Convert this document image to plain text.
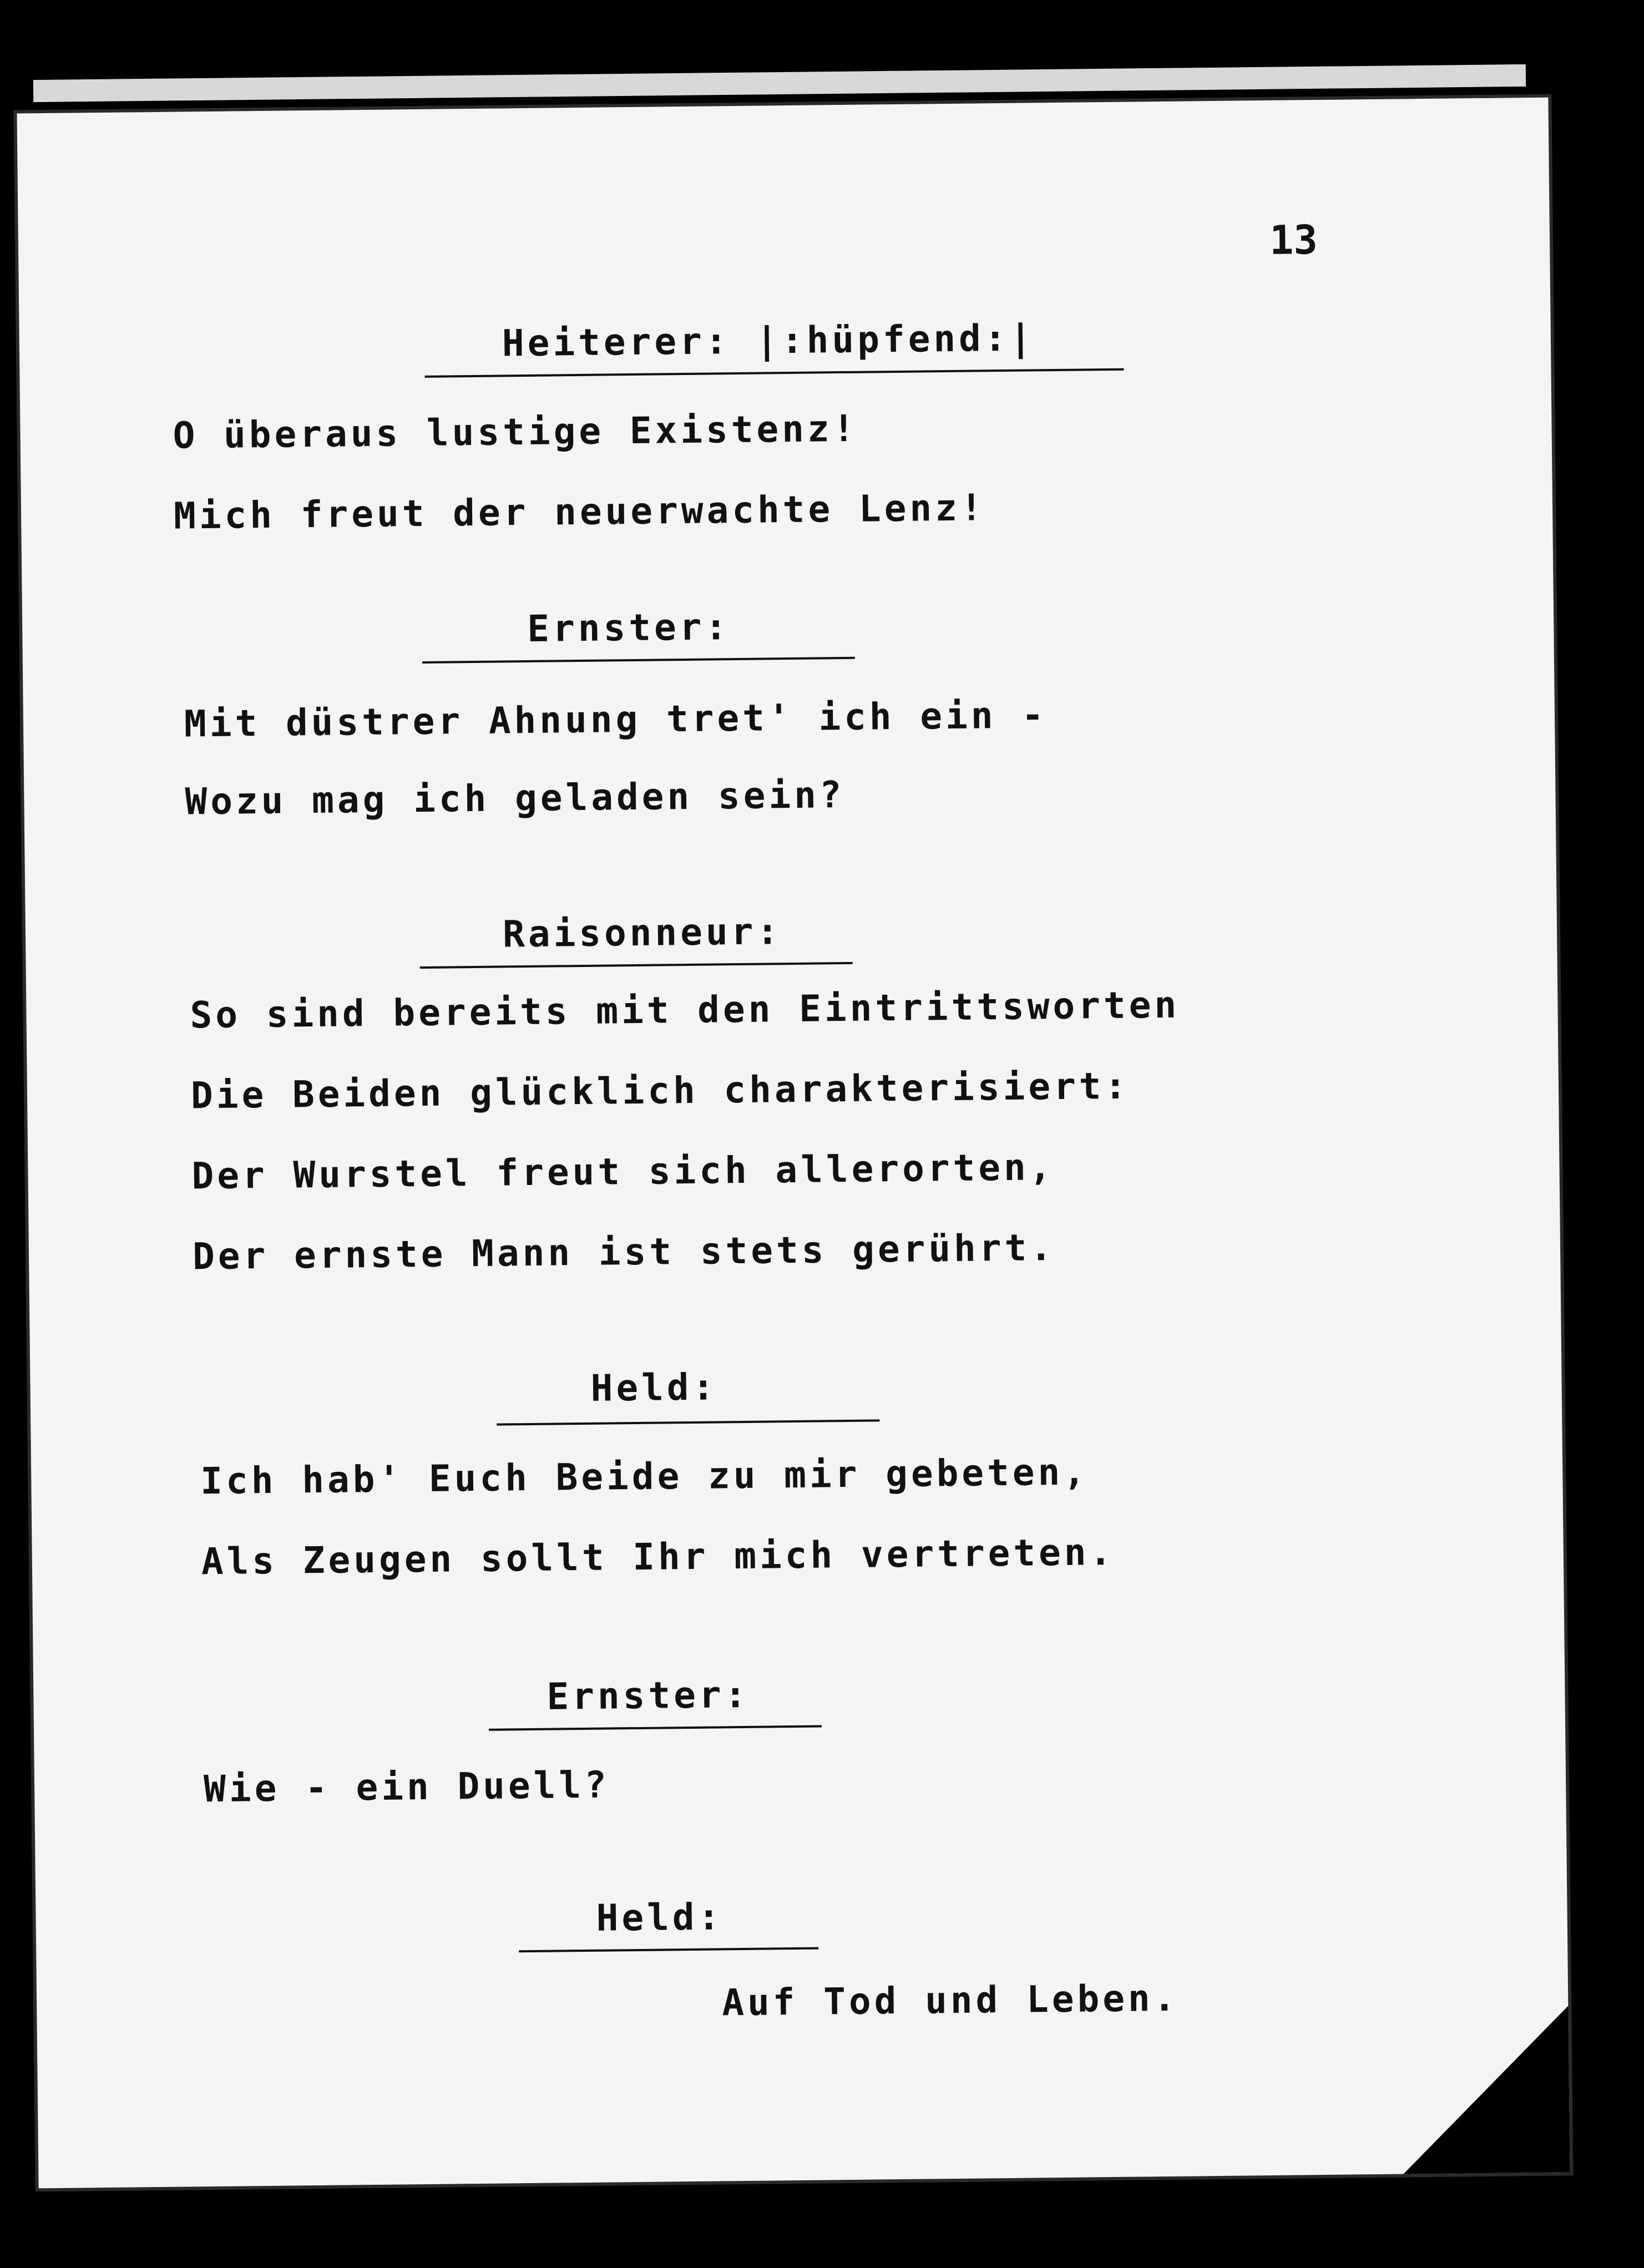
13
Heiterer: |:hüpfend:|
O überaus lustige Existenz!
Mich freut der neuerwachte Lenz!
Ernster:
Mit düstrer Ahnung tret' ich ein -
Wozu mag ich geladen sein?
Raisonneur:
So sind bereits mit den Eintrittsworten
Die Beiden glücklich charakterisiert:
Der Wurstel freut sich allerorten,
Der ernste Mann ist stets gerührt.
Held:
Ich hab' Euch Beide zu mir gebeten,
Als Zeugen sollt Ihr mich vertreten.
Ernster:
Wie - ein Duell?
Held:
Auf Tod und Leben.
